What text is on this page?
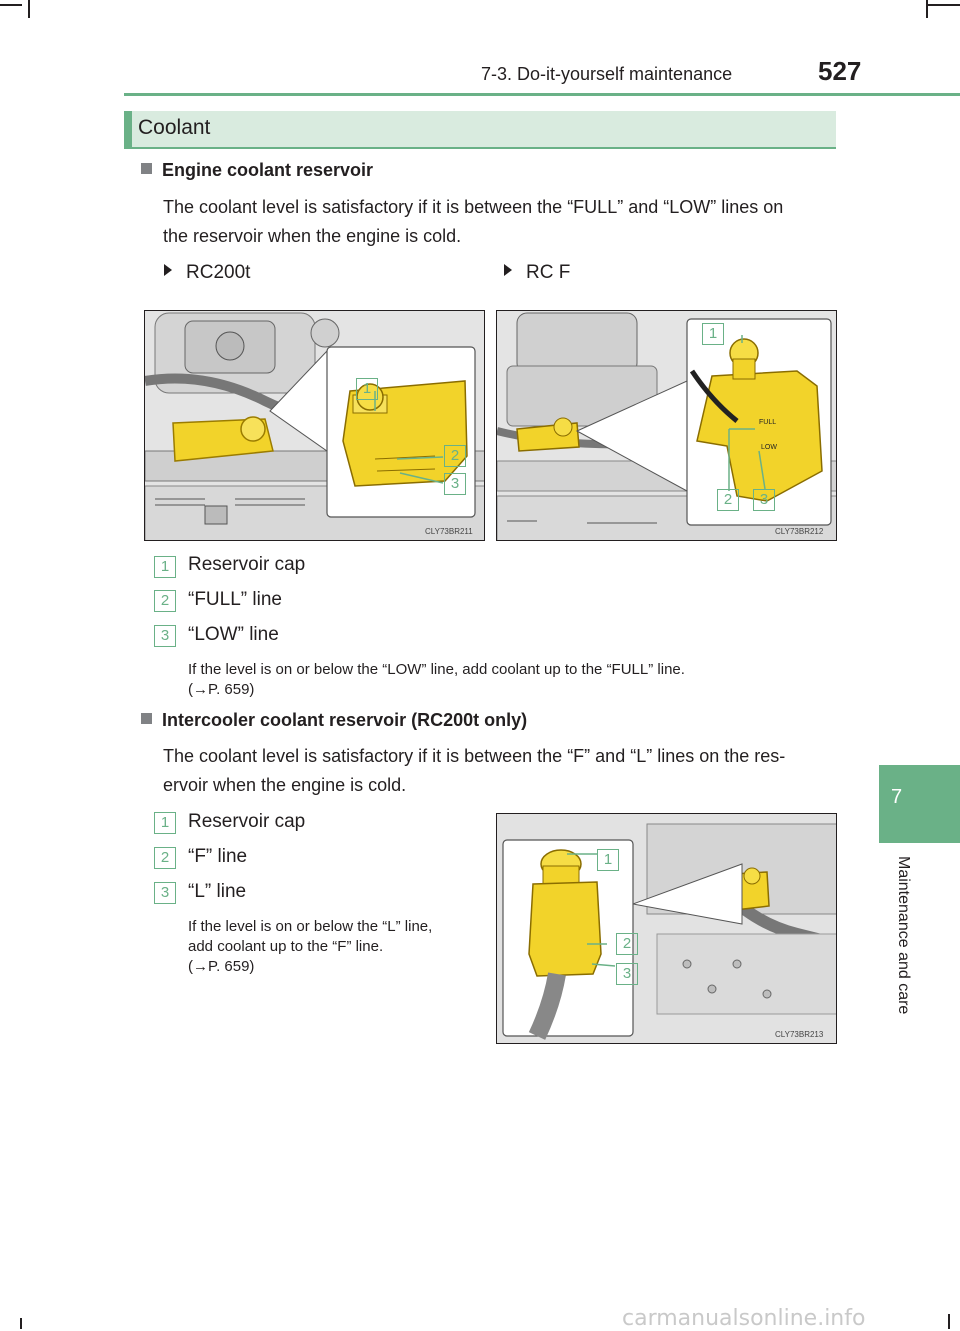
7-3. Do-it-yourself maintenance	527
Coolant
7
Maintenance and care
Engine coolant reservoir
The coolant level is satisfactory if it is between the “FULL” and “LOW” lines on
the reservoir when the engine is cold.
RC200t	RC F
1
2
3
CLY73BR211
FULL
LOW
1
2	3
CLY73BR212
1 Reservoir cap
2 “FULL” line
3 “LOW” line
If the level is on or below the “LOW” line, add coolant up to the “FULL” line.
(→P. 659)
Intercooler coolant reservoir (RC200t only)
The coolant level is satisfactory if it is between the “F” and “L” lines on the res-
ervoir when the engine is cold.
1 Reservoir cap
2 “F” line
3 “L” line
If the level is on or below the “L” line,
add coolant up to the “F” line.
(→P. 659)
1
2
3
CLY73BR213
carmanualsonline.info
